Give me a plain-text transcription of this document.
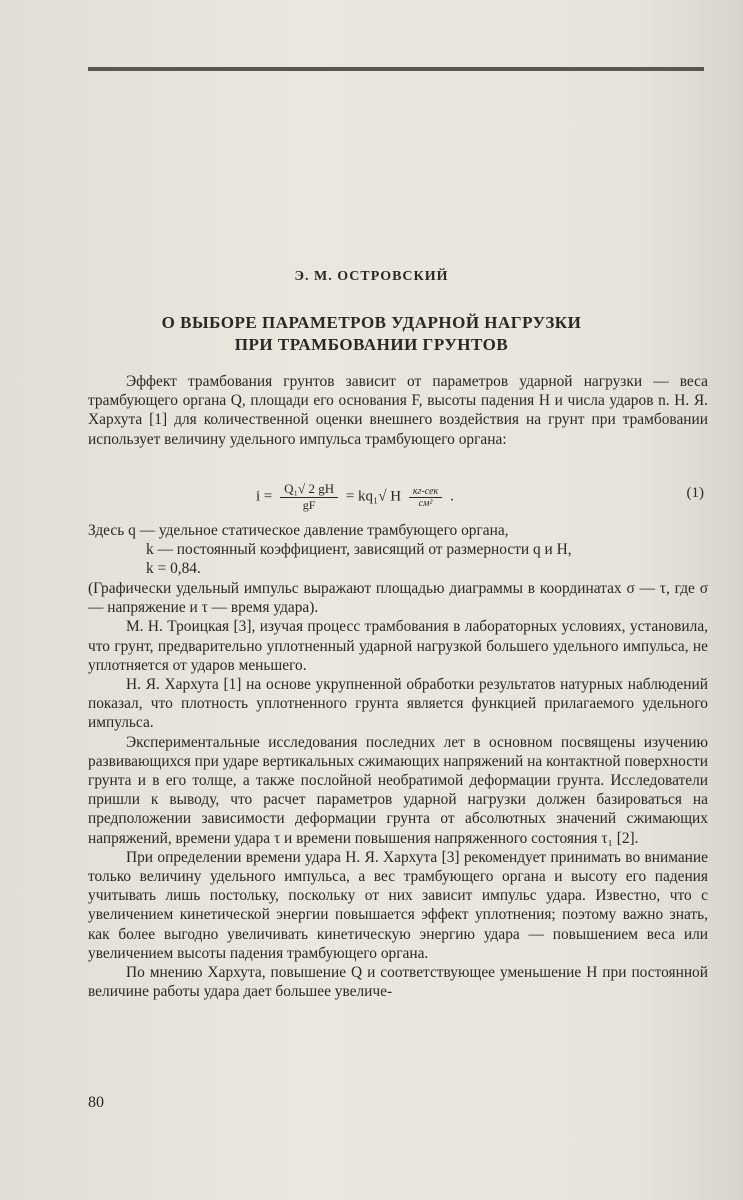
Э. М. ОСТРОВСКИЙ
О ВЫБОРЕ ПАРАМЕТРОВ УДАРНОЙ НАГРУЗКИ
ПРИ ТРАМБОВАНИИ ГРУНТОВ

Эффект трамбования грунтов зависит от параметров ударной нагрузки — веса трамбующего органа Q, площади его основания F, высоты падения H и числа ударов n. Н. Я. Хархута [1] для количественной оценки внешнего воздействия на грунт при трамбовании использует величину удельного импульса трамбующего органа:

$i = \frac{\text{Q₁√ 2 gH}}{gF} = kq_1√$ H $\frac{\text{кг-сек}}{\text{см²}}$ .	(1)
Здесь q — удельное статическое давление трамбующего органа,
k — постоянный коэффициент, зависящий от размерности q и H,
k = 0,84.

(Графически удельный импульс выражают площадью диаграммы в координатах σ — τ, где σ — напряжение и τ — время удара).

М. Н. Троицкая [3], изучая процесс трамбования в лабораторных условиях, установила, что грунт, предварительно уплотненный ударной нагрузкой большего удельного импульса, не уплотняется от ударов меньшего.

Н. Я. Хархута [1] на основе укрупненной обработки результатов натурных наблюдений показал, что плотность уплотненного грунта является функцией прилагаемого удельного импульса.

Экспериментальные исследования последних лет в основном посвящены изучению развивающихся при ударе вертикальных сжимающих напряжений на контактной поверхности грунта и в его толще, а также послойной необратимой деформации грунта. Исследователи пришли к выводу, что расчет параметров ударной нагрузки должен базироваться на предположении зависимости деформации грунта от абсолютных значений сжимающих напряжений, времени удара τ и времени повышения напряженного состояния τ₁ [2].

При определении времени удара Н. Я. Хархута [3] рекомендует принимать во внимание только величину удельного импульса, а вес трамбующего органа и высоту его падения учитывать лишь постольку, поскольку от них зависит импульс удара. Известно, что с увеличением кинетической энергии повышается эффект уплотнения; поэтому важно знать, как более выгодно увеличивать кинетическую энергию удара — повышением веса или увеличением высоты падения трамбующего органа.

По мнению Хархута, повышение Q и соответствующее уменьшение H при постоянной величине работы удара дает большее увеличе-

80
